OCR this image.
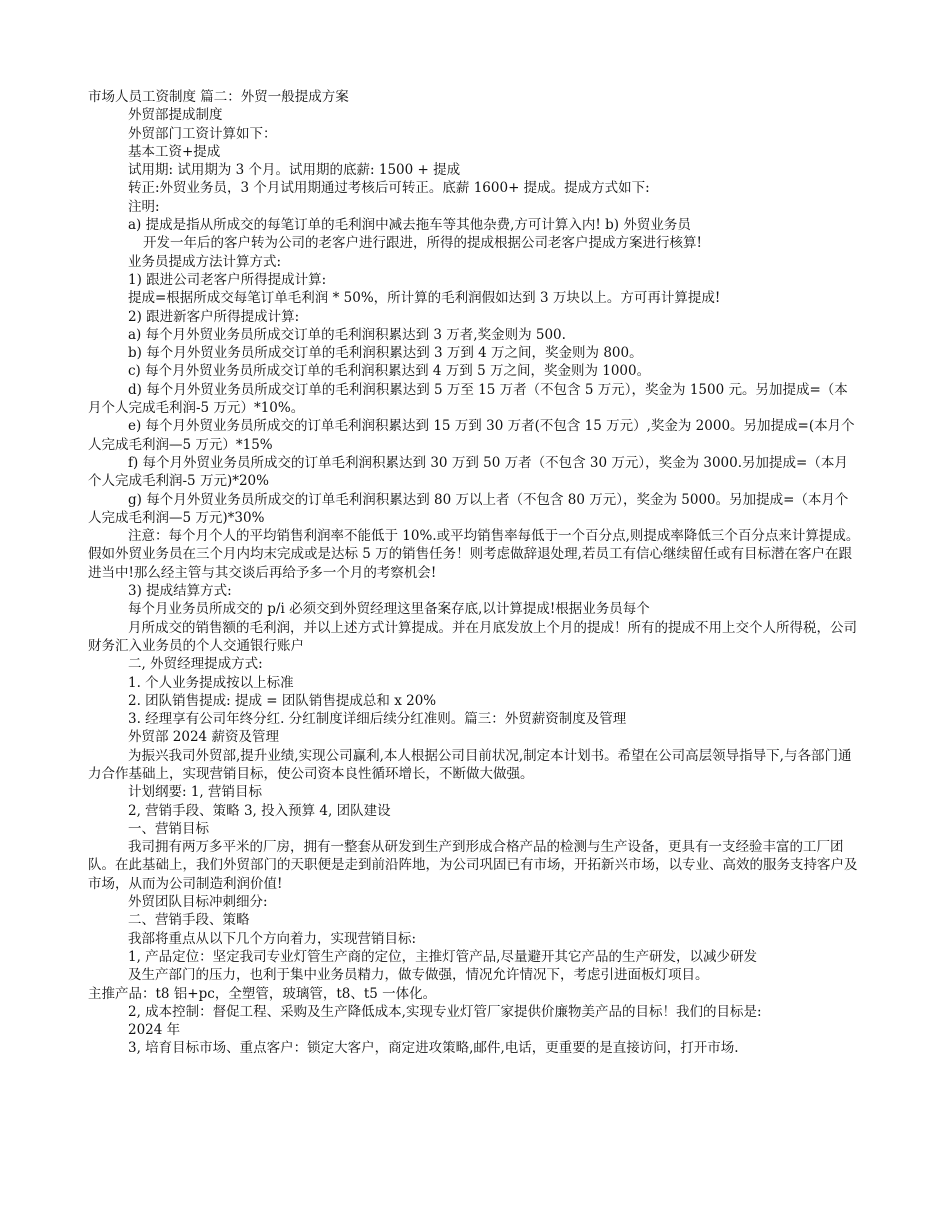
市场人员工资制度 篇二：外贸一般提成方案
外贸部提成制度
外贸部门工资计算如下：
基本工资+提成
试用期: 试用期为 3 个月。试用期的底薪: 1500 + 提成
转正:外贸业务员，3 个月试用期通过考核后可转正。底薪 1600+ 提成。提成方式如下:
注明:
a) 提成是指从所成交的每笔订单的毛利润中减去拖车等其他杂费,方可计算入内! b) 外贸业务员
开发一年后的客户转为公司的老客户进行跟进，所得的提成根据公司老客户提成方案进行核算!
业务员提成方法计算方式:
1) 跟进公司老客户所得提成计算:
提成=根据所成交每笔订单毛利润 * 50%，所计算的毛利润假如达到 3 万块以上。方可再计算提成!
2) 跟进新客户所得提成计算:
a) 每个月外贸业务员所成交订单的毛利润积累达到 3 万者,奖金则为 500.
b) 每个月外贸业务员所成交订单的毛利润积累达到 3 万到 4 万之间，奖金则为 800。
c) 每个月外贸业务员所成交订单的毛利润积累达到 4 万到 5 万之间，奖金则为 1000。
d) 每个月外贸业务员所成交订单的毛利润积累达到 5 万至 15 万者（不包含 5 万元），奖金为 1500 元。另加提成=（本月个人完成毛利润-5 万元）*10%。
e) 每个月外贸业务员所成交的订单毛利润积累达到 15 万到 30 万者(不包含 15 万元）,奖金为 2000。另加提成=(本月个人完成毛利润—5 万元）*15%
f) 每个月外贸业务员所成交的订单毛利润积累达到 30 万到 50 万者（不包含 30 万元），奖金为 3000.另加提成=（本月个人完成毛利润-5 万元)*20%
g) 每个月外贸业务员所成交的订单毛利润积累达到 80 万以上者（不包含 80 万元），奖金为 5000。另加提成=（本月个人完成毛利润—5 万元)*30%
注意：每个月个人的平均销售利润率不能低于 10%.或平均销售率每低于一个百分点,则提成率降低三个百分点来计算提成。 假如外贸业务员在三个月内均末完成或是达标 5 万的销售任务！则考虑做辞退处理,若员工有信心继续留任或有目标潜在客户在跟进当中!那么经主管与其交谈后再给予多一个月的考察机会!
3) 提成结算方式:
每个月业务员所成交的 p/i 必须交到外贸经理这里备案存底,以计算提成!根据业务员每个
月所成交的销售额的毛利润，并以上述方式计算提成。并在月底发放上个月的提成！所有的提成不用上交个人所得税，公司财务汇入业务员的个人交通银行账户
二, 外贸经理提成方式:
1. 个人业务提成按以上标准
2. 团队销售提成: 提成 = 团队销售提成总和 x 20%
3. 经理享有公司年终分红. 分红制度详细后续分红准则。篇三：外贸薪资制度及管理
外贸部 2024 薪资及管理
为振兴我司外贸部,提升业绩,实现公司赢利,本人根据公司目前状况,制定本计划书。希望在公司高层领导指导下,与各部门通力合作基础上，实现营销目标，使公司资本良性循环增长，不断做大做强。
计划纲要: 1, 营销目标
2, 营销手段、策略 3, 投入预算 4, 团队建设
一、营销目标
我司拥有两万多平米的厂房，拥有一整套从研发到生产到形成合格产品的检测与生产设备，更具有一支经验丰富的工厂团队。在此基础上，我们外贸部门的天职便是走到前沿阵地，为公司巩固已有市场，开拓新兴市场，以专业、高效的服务支持客户及市场，从而为公司制造利润价值!
外贸团队目标冲刺细分:
二、营销手段、策略
我部将重点从以下几个方向着力，实现营销目标:
1, 产品定位：坚定我司专业灯管生产商的定位，主推灯管产品,尽量避开其它产品的生产研发，以减少研发
及生产部门的压力，也利于集中业务员精力，做专做强，情况允许情况下，考虑引进面板灯项目。
主推产品：t8 铝+pc，全塑管，玻璃管，t8、t5 一体化。
2, 成本控制：督促工程、采购及生产降低成本,实现专业灯管厂家提供价廉物美产品的目标！我们的目标是:
2024 年
3, 培育目标市场、重点客户：锁定大客户，商定进攻策略,邮件,电话，更重要的是直接访问，打开市场.
